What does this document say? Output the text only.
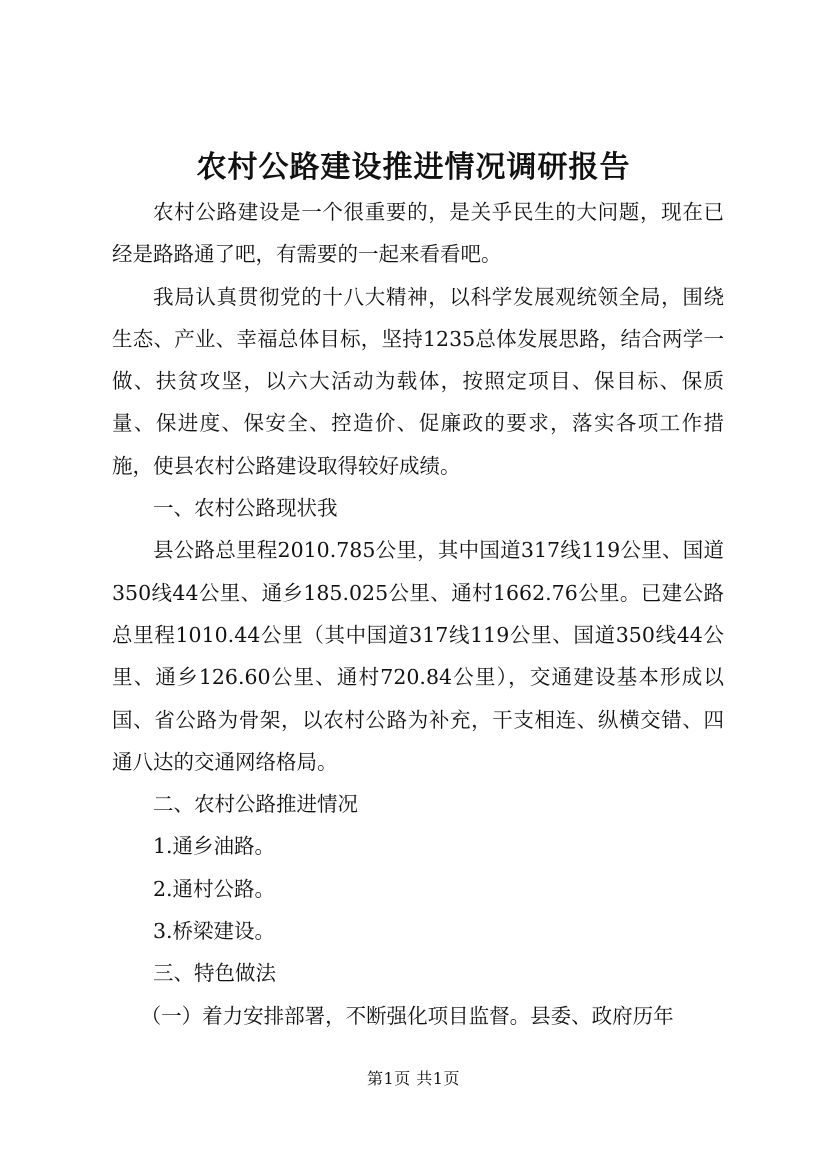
农村公路建设推进情况调研报告

农村公路建设是一个很重要的，是关乎民生的大问题，现在已经是路路通了吧，有需要的一起来看看吧。

我局认真贯彻党的十八大精神，以科学发展观统领全局，围绕生态、产业、幸福总体目标，坚持1235总体发展思路，结合两学一做、扶贫攻坚，以六大活动为载体，按照定项目、保目标、保质量、保进度、保安全、控造价、促廉政的要求，落实各项工作措施，使县农村公路建设取得较好成绩。

一、农村公路现状我

县公路总里程2010.785公里，其中国道317线119公里、国道350线44公里、通乡185.025公里、通村1662.76公里。已建公路总里程1010.44公里（其中国道317线119公里、国道350线44公里、通乡126.60公里、通村720.84公里），交通建设基本形成以国、省公路为骨架，以农村公路为补充，干支相连、纵横交错、四通八达的交通网络格局。

二、农村公路推进情况

1.通乡油路。

2.通村公路。

3.桥梁建设。

三、特色做法

（一）着力安排部署，不断强化项目监督。县委、政府历年

第1页 共1页
